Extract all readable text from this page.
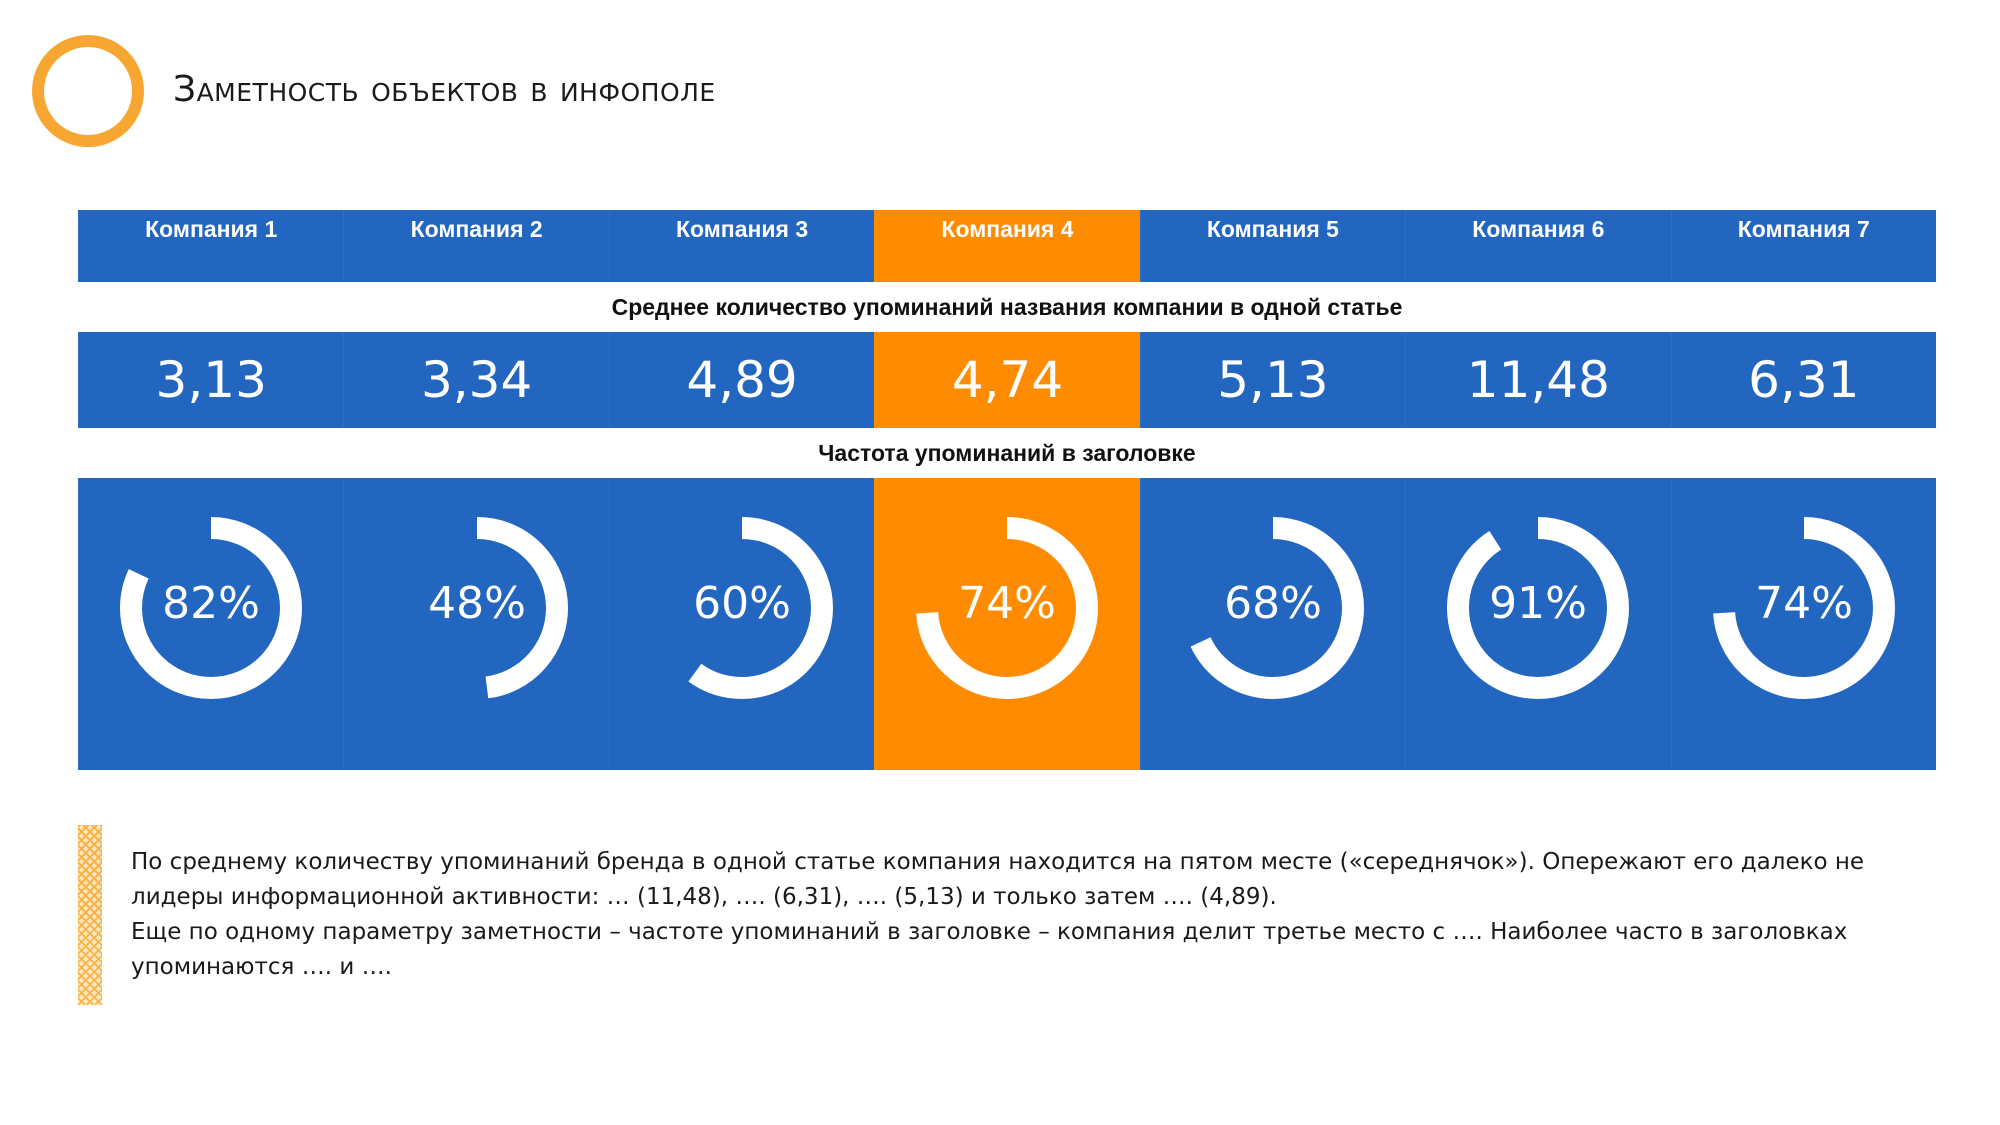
Заметность объектов в инфополе
Компания 1	Компания 2	Компания 3	Компания 4	Компания 5	Компания 6	Компания 7
Среднее количество упоминаний названия компании в одной статье
3,13	3,34	4,89	4,74	5,13	11,48	6,31
Частота упоминаний в заголовке
82%	48%	60%	74%	68%	91%	74%

По среднему количеству упоминаний бренда в одной статье компания находится на пятом месте («середнячок»). Опережают его далеко не лидеры информационной активности: … (11,48), …. (6,31), …. (5,13) и только затем …. (4,89).

Еще по одному параметру заметности – частоте упоминаний в заголовке – компания делит третье место с …. Наиболее часто в заголовках упоминаются …. и ….
